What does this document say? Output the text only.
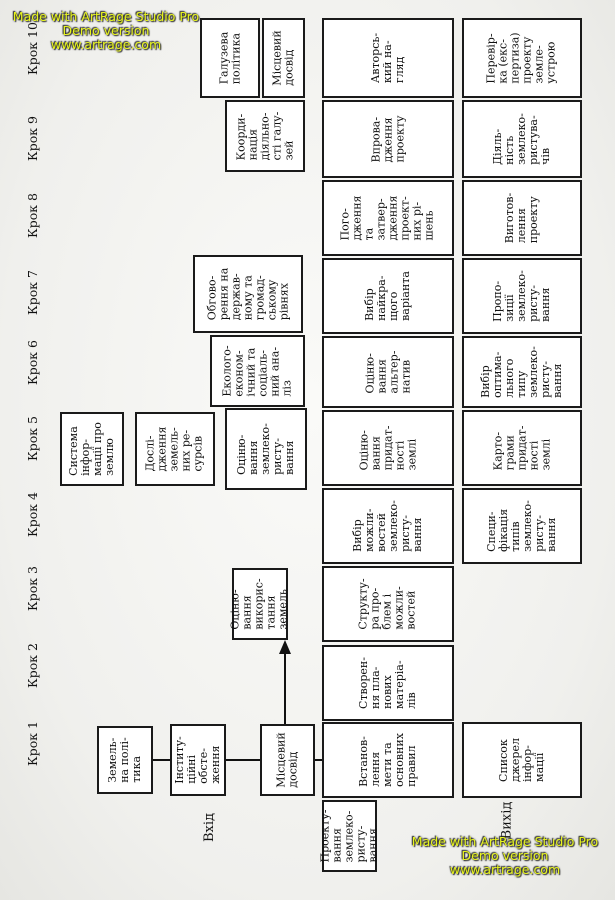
Крок 1
Крок 2
Крок 3
Крок 4
Крок 5
Крок 6
Крок 7
Крок 8
Крок 9
Крок 10
Вхід	Вихід
Земель-
на полі-
тика	Інститу-
ційні
обсте-
ження	Місцевий
досвід
Оціню-
вання
викорис-
тання
земель
Система
інфор-
мації про
землю	Дослі-
дження
земель-
них ре-
сурсів	Оціню-
вання
землеко-
ристу-
вання
Еколого-
економ-
ічний та
соціаль-
ний ана-
ліз
Обгово-
рення на
держав-
ному та
громад-
ському
рівнях
Коорди-
нація
діяльно-
сті галу-
зей
Галузева
політика	Місцевий
досвід
Проекту-
вання
землеко-
ристу-
вання
Встанов-
лення
мети та
основних
правил
Створен-
ня пла-
нових
матеріа-
лів
Структу-
ра про-
блем і
можли-
востей
Вибір
можли-
востей
землеко-
ристу-
вання
Оціню-
вання
придат-
ності
землі
Оціню-
вання
альтер-
натив
Вибір
найкра-
щого
варіанта
Пого-
дження
та
затвер-
дження
проект-
них рі-
шень
Впрова-
дження
проекту
Авторсь-
кий на-
гляд
Список
джерел
інфор-
мації
Специ-
фікація
типів
землеко-
ристу-
вання
Карто-
грами
придат-
ності
землі
Вибір
оптима-
льного
типу
землеко-
ристу-
вання
Пропо-
зиції
землеко-
ристу-
вання
Виготов-
лення
проекту
Діяль-
ність
землеко-
ристува-
чів
Перевір-
ка (екс-
пертиза)
проекту
земле-
устрою
Made with ArtRage Studio Pro
Demo version
www.artrage.com
Made with ArtRage Studio Pro
Demo version
www.artrage.com
